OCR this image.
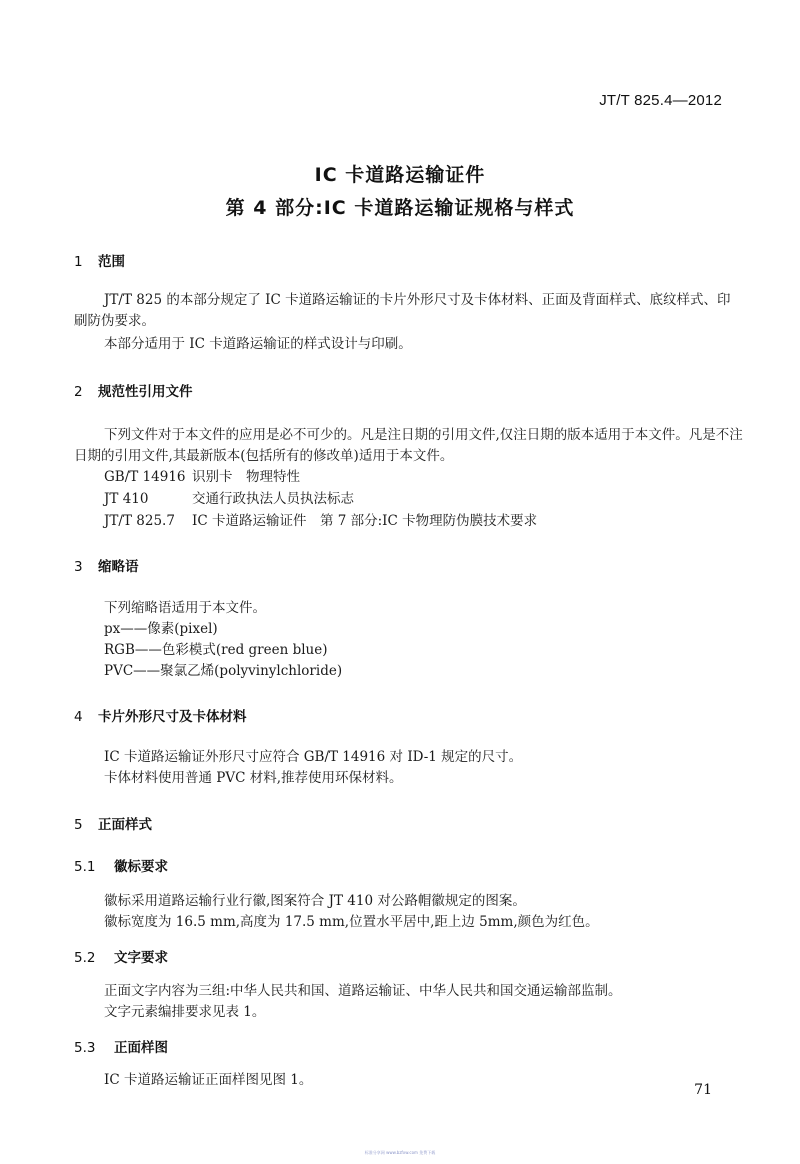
JT/T 825.4—2012
IC 卡道路运输证件
第 4 部分:IC 卡道路运输证规格与样式
1 范围
JT/T 825 的本部分规定了 IC 卡道路运输证的卡片外形尺寸及卡体材料、正面及背面样式、底纹样式、印刷防伪要求。
本部分适用于 IC 卡道路运输证的样式设计与印刷。
2 规范性引用文件
下列文件对于本文件的应用是必不可少的。凡是注日期的引用文件,仅注日期的版本适用于本文件。凡是不注日期的引用文件,其最新版本(包括所有的修改单)适用于本文件。
GB/T 14916 识别卡　物理特性
JT 410	交通行政执法人员执法标志
JT/T 825.7 IC 卡道路运输证件　第 7 部分:IC 卡物理防伪膜技术要求
3 缩略语
下列缩略语适用于本文件。
px——像素(pixel)
RGB——色彩模式(red green blue)
PVC——聚氯乙烯(polyvinylchloride)
4 卡片外形尺寸及卡体材料
IC 卡道路运输证外形尺寸应符合 GB/T 14916 对 ID-1 规定的尺寸。
卡体材料使用普通 PVC 材料,推荐使用环保材料。
5 正面样式
5.1 徽标要求
徽标采用道路运输行业行徽,图案符合 JT 410 对公路帽徽规定的图案。
徽标宽度为 16.5 mm,高度为 17.5 mm,位置水平居中,距上边 5mm,颜色为红色。
5.2 文字要求
正面文字内容为三组:中华人民共和国、道路运输证、中华人民共和国交通运输部监制。
文字元素编排要求见表 1。
5.3 正面样图
IC 卡道路运输证正面样图见图 1。
71
标准分享网 www.bzfxw.com 免费下载
